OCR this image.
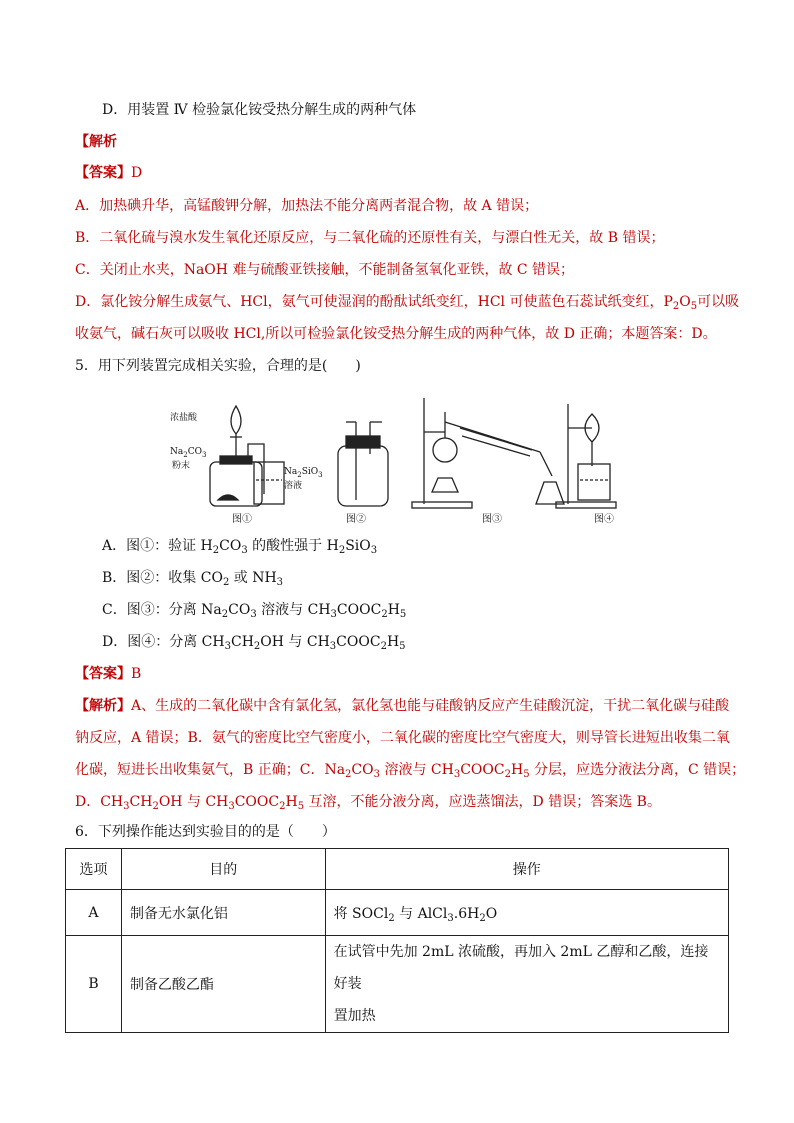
D．用装置 Ⅳ 检验氯化铵受热分解生成的两种气体
【解析
【答案】D
A．加热碘升华，高锰酸钾分解，加热法不能分离两者混合物，故 A 错误；
B．二氧化硫与溴水发生氧化还原反应，与二氧化硫的还原性有关，与漂白性无关，故 B 错误；
C．关闭止水夹，NaOH 难与硫酸亚铁接触，不能制备氢氧化亚铁，故 C 错误；
D．氯化铵分解生成氨气、HCl，氨气可使湿润的酚酞试纸变红，HCl 可使蓝色石蕊试纸变红，$P_2O_5$可以吸
收氨气，碱石灰可以吸收 HCl,所以可检验氯化铵受热分解生成的两种气体，故 D 正确；本题答案：D。
5．用下列装置完成相关实验，合理的是(　　)
浓盐酸
$Na_2CO_3$
粉末
$Na_2SiO_3$
溶液
图①	图②	图③	图④
A．图①：验证 $H_2CO_3$ 的酸性强于 $H_2SiO_3$
B．图②：收集 $CO_2$ 或 $NH_3$
C．图③：分离 $Na_2CO_3$ 溶液与 $CH_3COOC_2H_5$
D．图④：分离 $CH_3CH_2OH$ 与 $CH_3COOC_2H_5$
【答案】B
【解析】A、生成的二氧化碳中含有氯化氢，氯化氢也能与硅酸钠反应产生硅酸沉淀，干扰二氧化碳与硅酸
钠反应，A 错误；B．氨气的密度比空气密度小，二氧化碳的密度比空气密度大，则导管长进短出收集二氧
化碳，短进长出收集氨气，B 正确；C．$Na_2CO_3$ 溶液与 $CH_3COOC_2H_5$ 分层，应选分液法分离，C 错误；
D．$CH_3CH_2OH$ 与 $CH_3COOC_2H_5$ 互溶，不能分液分离，应选蒸馏法，D 错误；答案选 B。
6．下列操作能达到实验目的的是（　　）
选项	目的	操作
A	制备无水氯化铝	将 SOCl$_2$ 与 $AlCl_3.6H_2O$
B	制备乙酸乙酯	在试管中先加 2mL 浓硫酸，再加入 2mL 乙醇和乙酸，连接好装
置加热
